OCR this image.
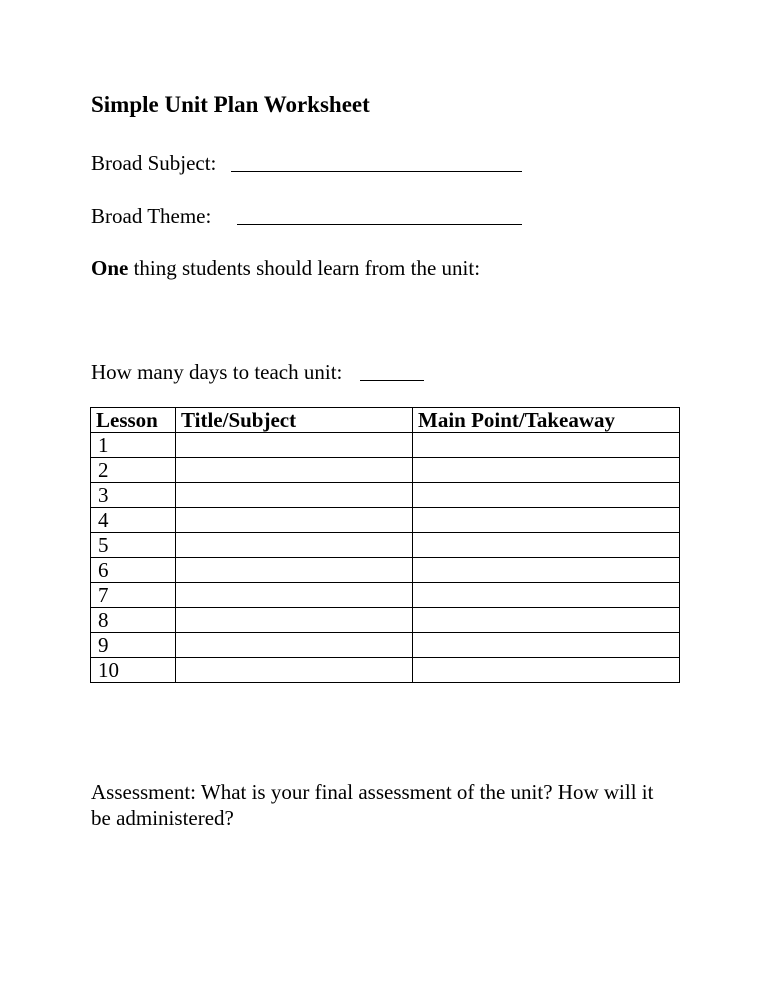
Simple Unit Plan Worksheet
Broad Subject:
Broad Theme:
One thing students should learn from the unit:
How many days to teach unit:
Lesson	Title/Subject	Main Point/Takeaway
1		
2		
3		
4		
5		
6		
7		
8		
9		
10		

Assessment: What is your final assessment of the unit? How will it be administered?
